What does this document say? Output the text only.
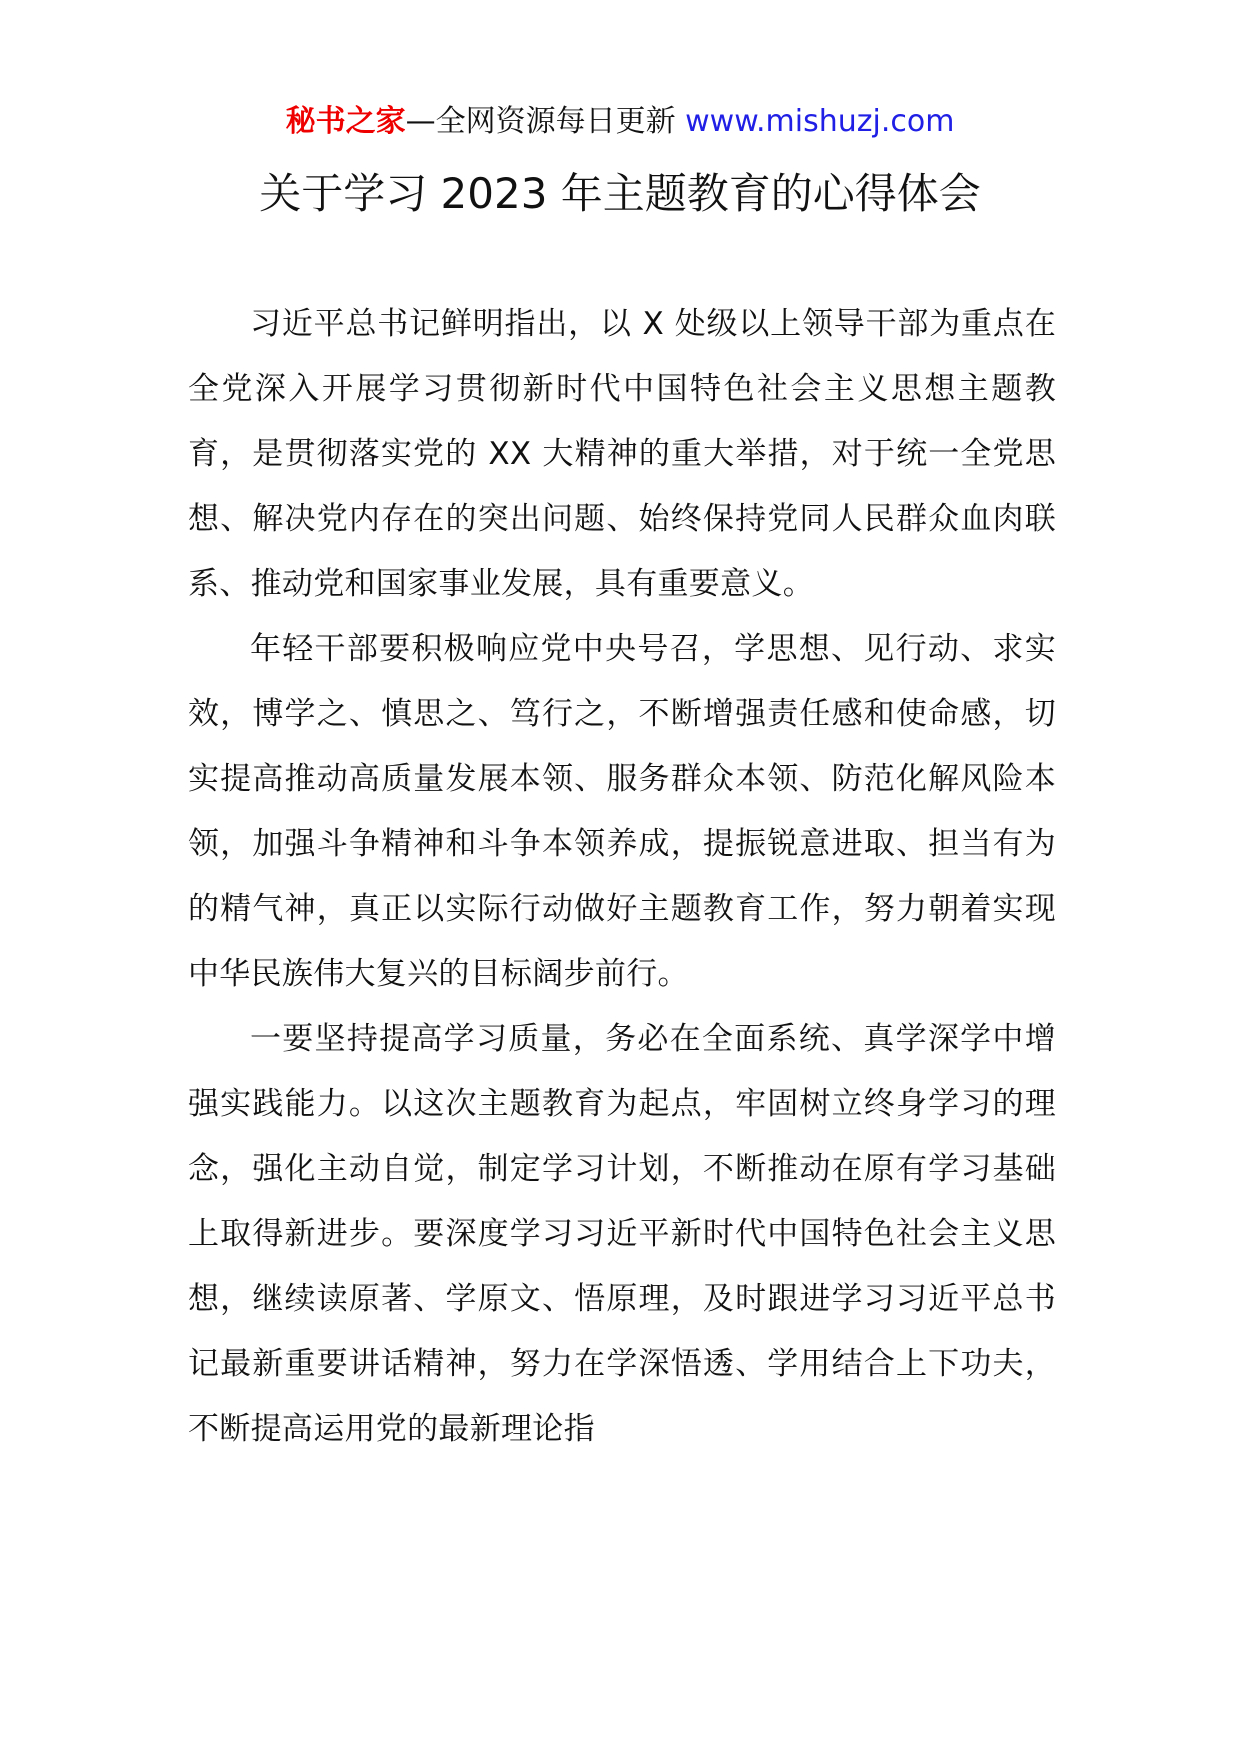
秘书之家—全网资源每日更新 www.mishuzj.com
关于学习 2023 年主题教育的心得体会

习近平总书记鲜明指出，以 X 处级以上领导干部为重点在全党深入开展学习贯彻新时代中国特色社会主义思想主题教育，是贯彻落实党的 XX 大精神的重大举措，对于统一全党思想、解决党内存在的突出问题、始终保持党同人民群众血肉联系、推动党和国家事业发展，具有重要意义。

年轻干部要积极响应党中央号召，学思想、见行动、求实效，博学之、慎思之、笃行之，不断增强责任感和使命感，切实提高推动高质量发展本领、服务群众本领、防范化解风险本领，加强斗争精神和斗争本领养成，提振锐意进取、担当有为的精气神，真正以实际行动做好主题教育工作，努力朝着实现中华民族伟大复兴的目标阔步前行。

一要坚持提高学习质量，务必在全面系统、真学深学中增强实践能力。以这次主题教育为起点，牢固树立终身学习的理念，强化主动自觉，制定学习计划，不断推动在原有学习基础上取得新进步。要深度学习习近平新时代中国特色社会主义思想，继续读原著、学原文、悟原理，及时跟进学习习近平总书记最新重要讲话精神，努力在学深悟透、学用结合上下功夫，不断提高运用党的最新理论指
